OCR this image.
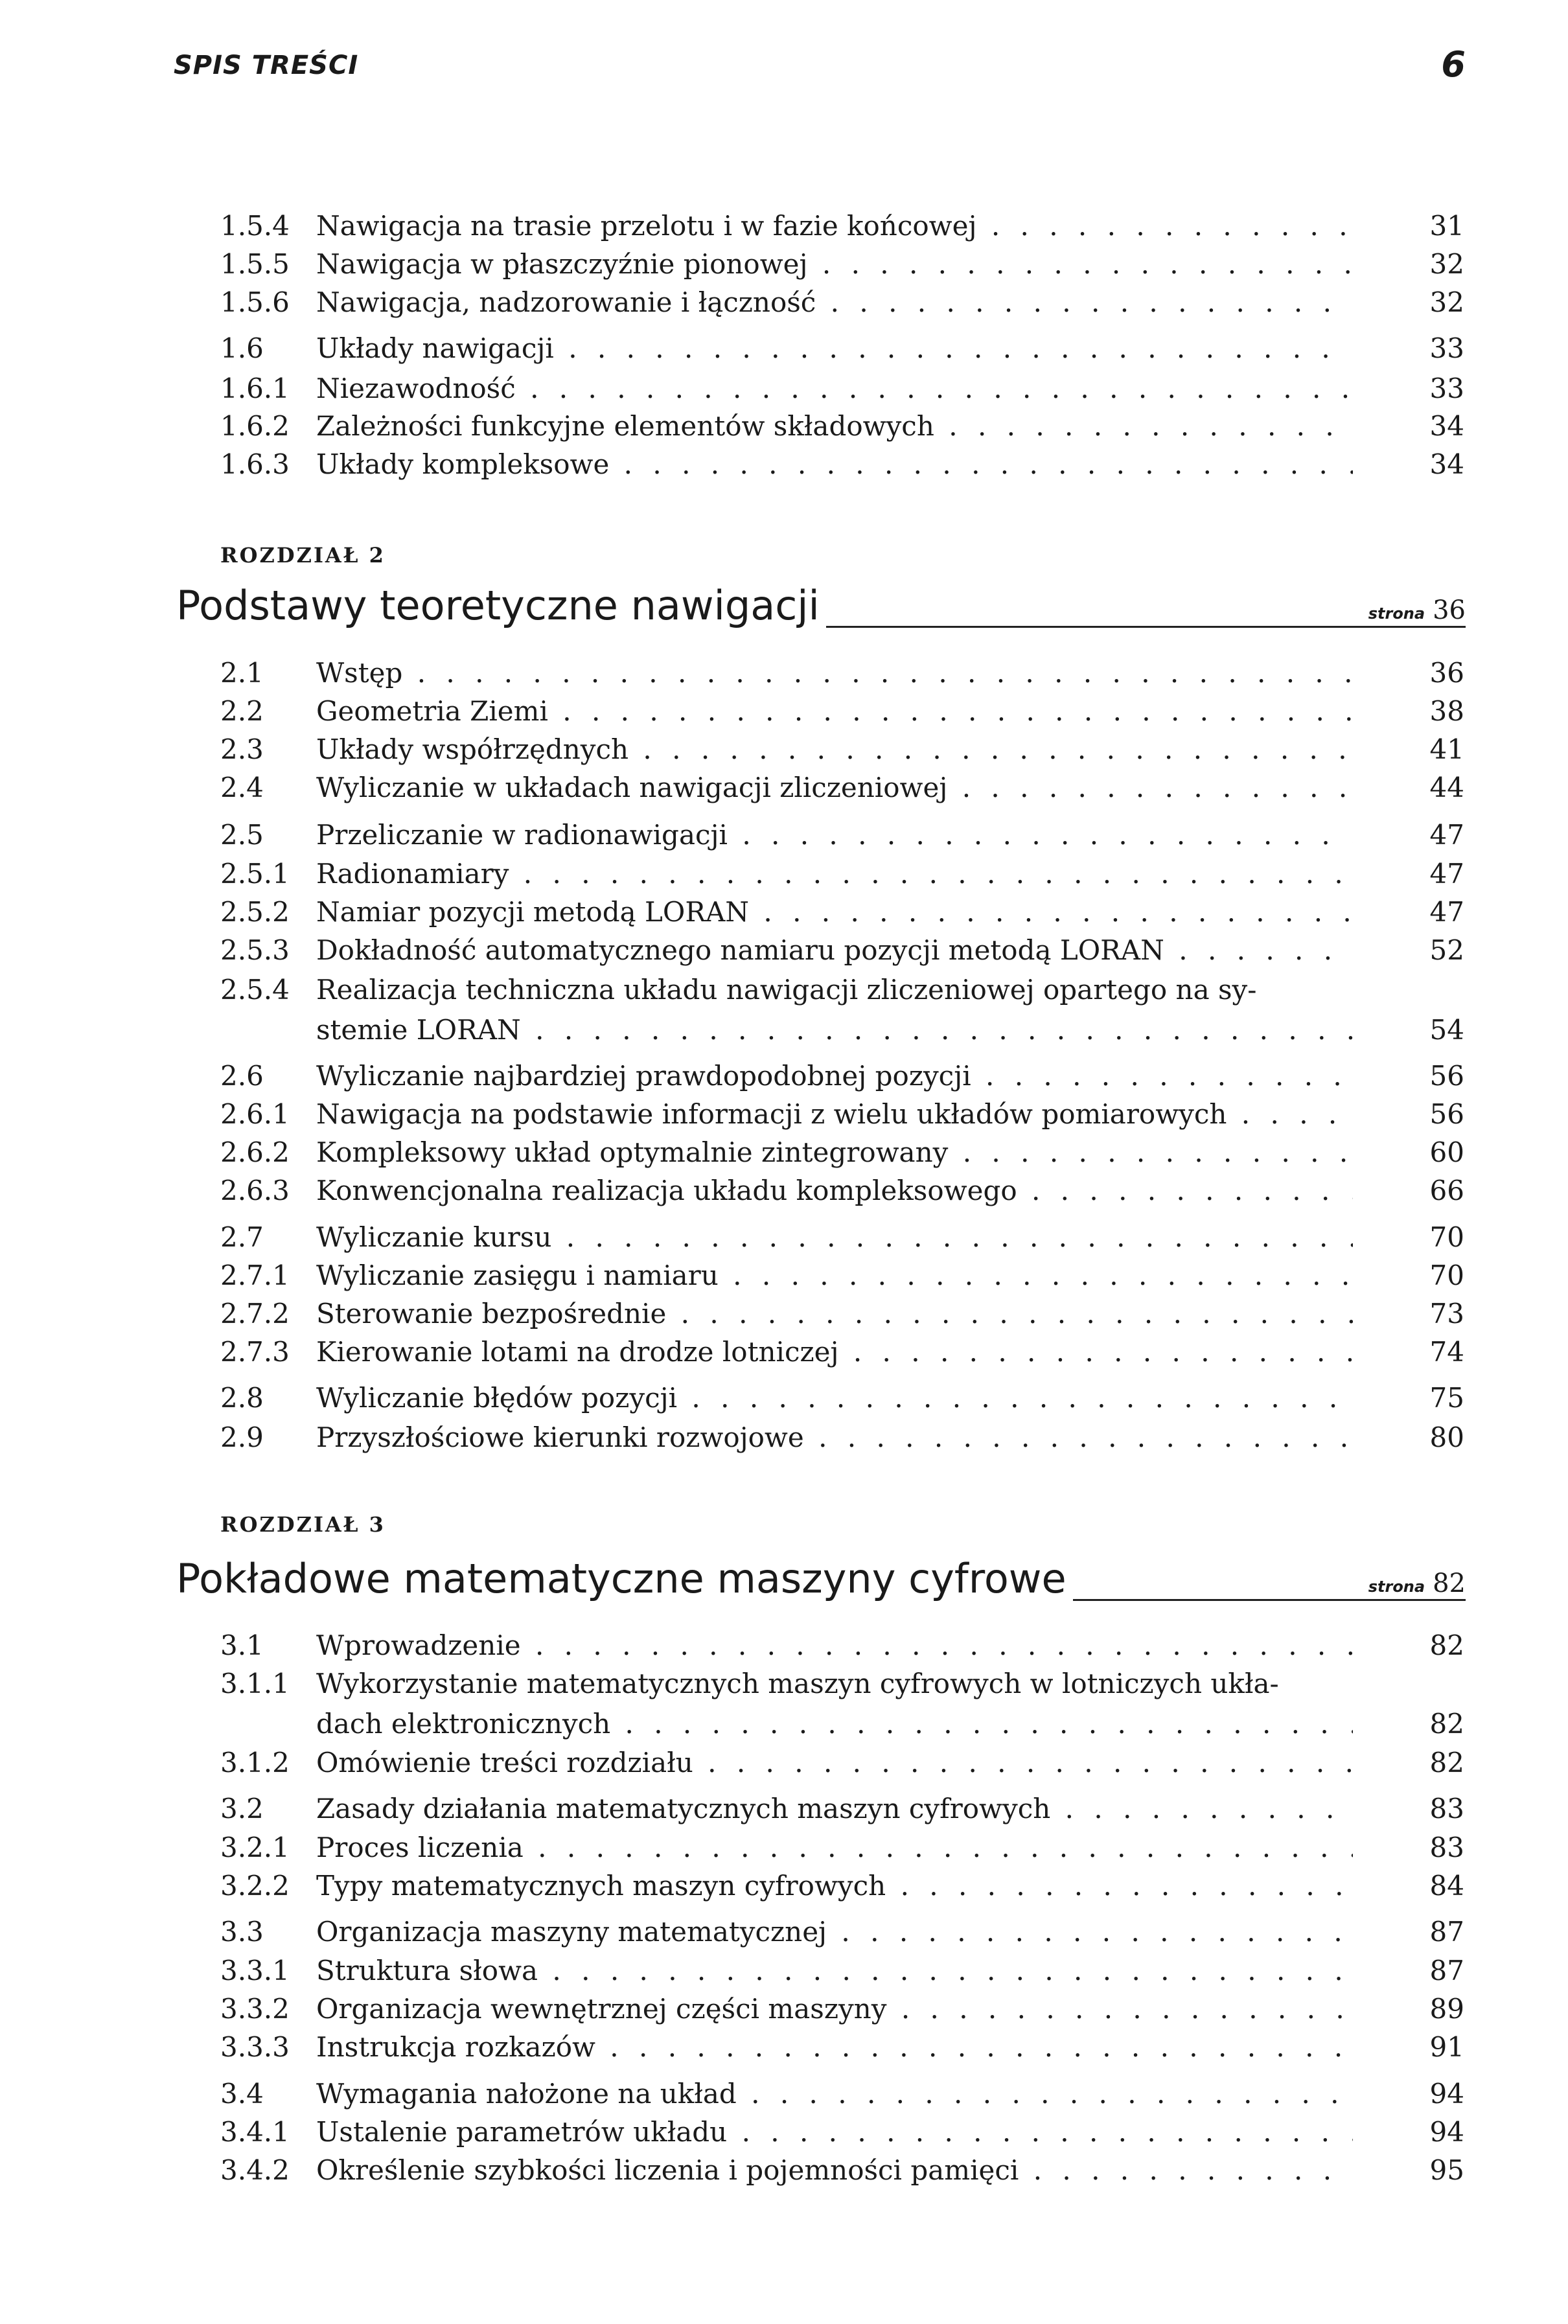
SPIS TREŚCI	6
1.5.4 Nawigacja na trasie przelotu i w fazie końcowej . . .	31
1.5.5 Nawigacja w płaszczyźnie pionowej . . .	32
1.5.6 Nawigacja, nadzorowanie i łączność . . .	32
1.6 Układy nawigacji . . .	33
1.6.1 Niezawodność . . .	33
1.6.2 Zależności funkcyjne elementów składowych . . .	34
1.6.3 Układy kompleksowe . . .	34
ROZDZIAŁ 2
Podstawy teoretyczne nawigacji	strona 36
2.1 Wstęp . . .	36
2.2 Geometria Ziemi . . .	38
2.3 Układy współrzędnych . . .	41
2.4 Wyliczanie w układach nawigacji zliczeniowej . . .	44
2.5 Przeliczanie w radionawigacji . . .	47
2.5.1 Radionamiary . . .	47
2.5.2 Namiar pozycji metodą LORAN . . .	47
2.5.3 Dokładność automatycznego namiaru pozycji metodą LORAN . . .	52
2.5.4 Realizacja techniczna układu nawigacji zliczeniowej opartego na sy-
stemie LORAN . . .	54
2.6 Wyliczanie najbardziej prawdopodobnej pozycji . . .	56
2.6.1 Nawigacja na podstawie informacji z wielu układów pomiarowych . . .	56
2.6.2 Kompleksowy układ optymalnie zintegrowany . . .	60
2.6.3 Konwencjonalna realizacja układu kompleksowego . . .	66
2.7 Wyliczanie kursu . . .	70
2.7.1 Wyliczanie zasięgu i namiaru . . .	70
2.7.2 Sterowanie bezpośrednie . . .	73
2.7.3 Kierowanie lotami na drodze lotniczej . . .	74
2.8 Wyliczanie błędów pozycji . . .	75
2.9 Przyszłościowe kierunki rozwojowe . . .	80
ROZDZIAŁ 3
Pokładowe matematyczne maszyny cyfrowe	strona 82
3.1 Wprowadzenie . . .	82
3.1.1 Wykorzystanie matematycznych maszyn cyfrowych w lotniczych ukła-
dach elektronicznych . . .	82
3.1.2 Omówienie treści rozdziału . . .	82
3.2 Zasady działania matematycznych maszyn cyfrowych . . .	83
3.2.1 Proces liczenia . . .	83
3.2.2 Typy matematycznych maszyn cyfrowych . . .	84
3.3 Organizacja maszyny matematycznej . . .	87
3.3.1 Struktura słowa . . .	87
3.3.2 Organizacja wewnętrznej części maszyny . . .	89
3.3.3 Instrukcja rozkazów . . .	91
3.4 Wymagania nałożone na układ . . .	94
3.4.1 Ustalenie parametrów układu . . .	94
3.4.2 Określenie szybkości liczenia i pojemności pamięci . . .	95
